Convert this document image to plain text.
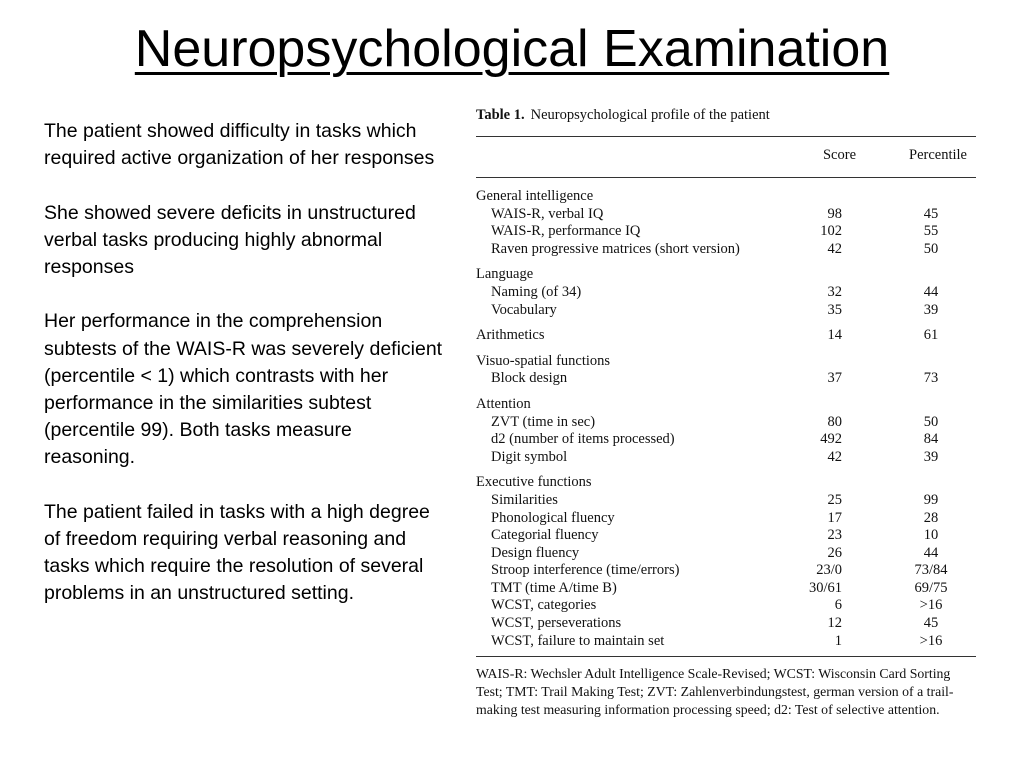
Neuropsychological Examination

The patient showed difficulty in tasks which required active organization of her responses

She showed severe deficits in unstructured verbal tasks producing highly abnormal responses

Her performance in the comprehension subtests of the WAIS-R was severely deficient (percentile < 1) which contrasts with her performance in the similarities subtest (percentile 99). Both tasks measure reasoning.

The patient failed in tasks with a high degree of freedom requiring verbal reasoning and tasks which require the resolution of several problems in an unstructured setting.

Table 1. Neuropsychological profile of the patient
Score	Percentile
General intelligence
WAIS-R, verbal IQ	98	45
WAIS-R, performance IQ	102	55
Raven progressive matrices (short version)	42	50
Language
Naming (of 34)	32	44
Vocabulary	35	39
Arithmetics	14	61
Visuo-spatial functions
Block design	37	73
Attention
ZVT (time in sec)	80	50
d2 (number of items processed)	492	84
Digit symbol	42	39
Executive functions
Similarities	25	99
Phonological fluency	17	28
Categorial fluency	23	10
Design fluency	26	44
Stroop interference (time/errors)	23/0	73/84
TMT (time A/time B)	30/61	69/75
WCST, categories	6	>16
WCST, perseverations	12	45
WCST, failure to maintain set	1	>16
WAIS-R: Wechsler Adult Intelligence Scale-Revised; WCST: Wisconsin Card Sorting Test; TMT: Trail Making Test; ZVT: Zahlenverbindungstest, german version of a trail-making test measuring information processing speed; d2: Test of selective attention.
